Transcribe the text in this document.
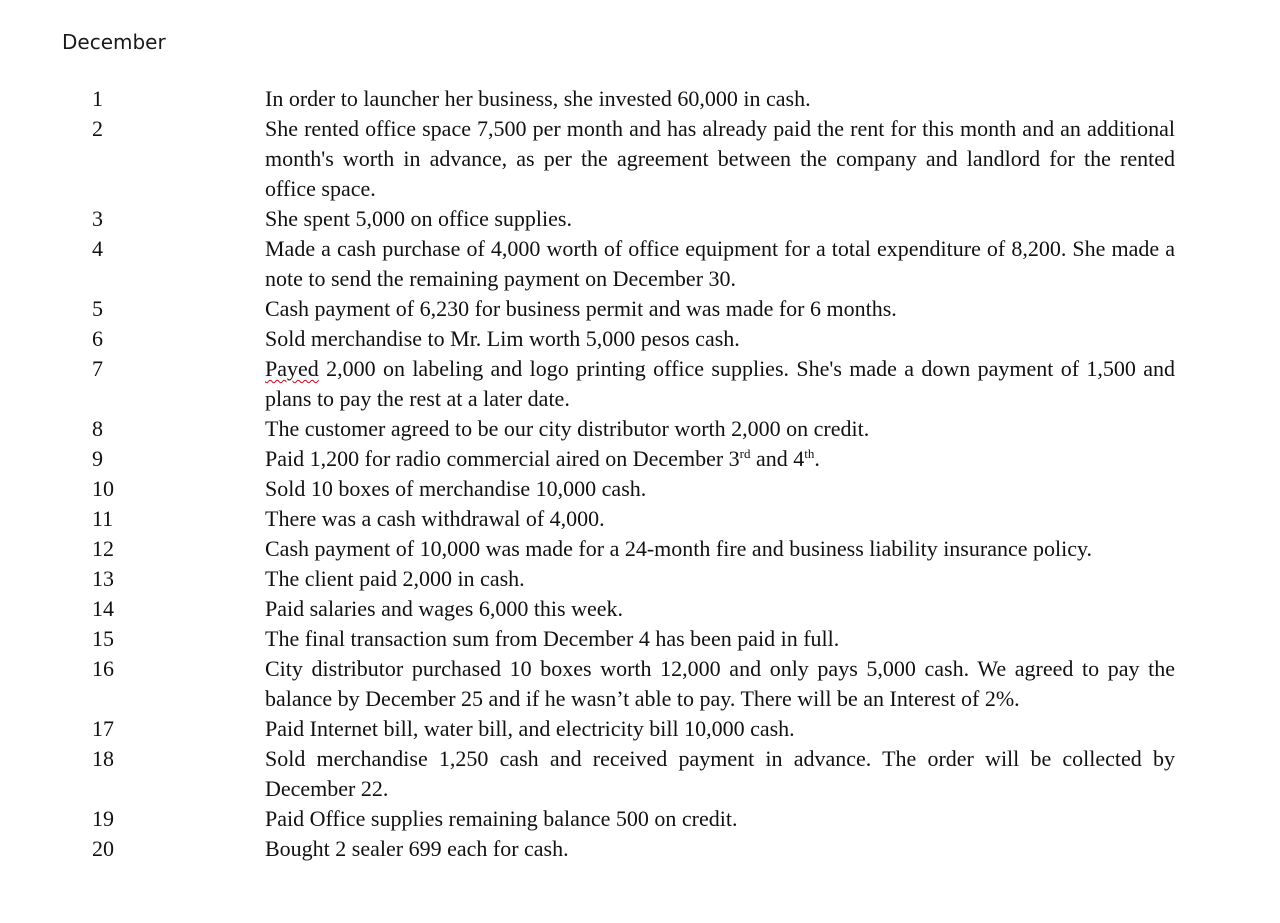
December
1	In order to launcher her business, she invested 60,000 in cash.
2	She rented office space 7,500 per month and has already paid the rent for this month and an additional month's worth in advance, as per the agreement between the company and landlord for the rented office space.
3	She spent 5,000 on office supplies.
4	Made a cash purchase of 4,000 worth of office equipment for a total expenditure of 8,200. She made a note to send the remaining payment on December 30.
5	Cash payment of 6,230 for business permit and was made for 6 months.
6	Sold merchandise to Mr. Lim worth 5,000 pesos cash.
7	Payed 2,000 on labeling and logo printing office supplies. She's made a down payment of 1,500 and plans to pay the rest at a later date.
8	The customer agreed to be our city distributor worth 2,000 on credit.
9	Paid 1,200 for radio commercial aired on December 3rd and 4th.
10	Sold 10 boxes of merchandise 10,000 cash.
11	There was a cash withdrawal of 4,000.
12	Cash payment of 10,000 was made for a 24-month fire and business liability insurance policy.
13	The client paid 2,000 in cash.
14	Paid salaries and wages 6,000 this week.
15	The final transaction sum from December 4 has been paid in full.
16	City distributor purchased 10 boxes worth 12,000 and only pays 5,000 cash. We agreed to pay the balance by December 25 and if he wasn’t able to pay. There will be an Interest of 2%.
17	Paid Internet bill, water bill, and electricity bill 10,000 cash.
18	Sold merchandise 1,250 cash and received payment in advance. The order will be collected by December 22.
19	Paid Office supplies remaining balance 500 on credit.
20	Bought 2 sealer 699 each for cash.
